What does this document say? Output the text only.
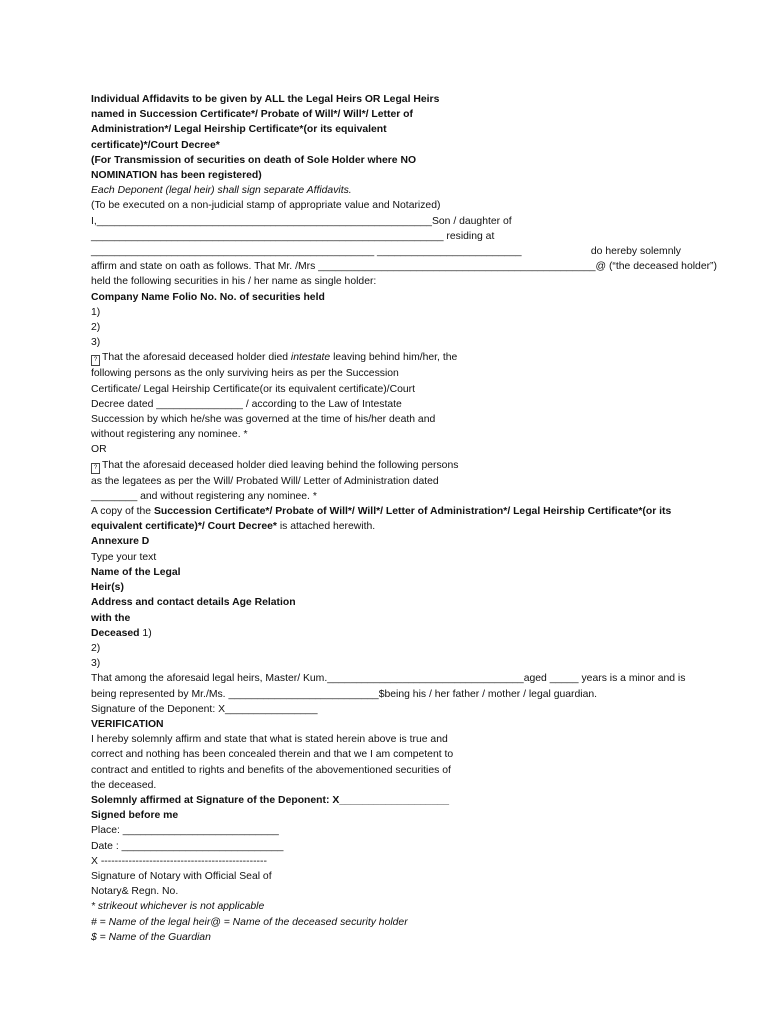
Individual Affidavits to be given by ALL the Legal Heirs OR Legal Heirs
named in Succession Certificate*/ Probate of Will*/ Will*/ Letter of
Administration*/ Legal Heirship Certificate*(or its equivalent
certificate)*/Court Decree*
(For Transmission of securities on death of Sole Holder where NO
NOMINATION has been registered)
Each Deponent (legal heir) shall sign separate Affidavits.
(To be executed on a non-judicial stamp of appropriate value and Notarized)
I,__________________________________________________________Son / daughter of
_____________________________________________________________ residing at
_________________________________________________ _________________________	do hereby solemnly
affirm and state on oath as follows. That Mr. /Mrs ________________________________________________@ (“the deceased holder”)
held the following securities in his / her name as single holder:
Company Name Folio No. No. of securities held
1)
2)
3)
? That the aforesaid deceased holder died intestate leaving behind him/her, the
following persons as the only surviving heirs as per the Succession
Certificate/ Legal Heirship Certificate(or its equivalent certificate)/Court
Decree dated _______________ / according to the Law of Intestate
Succession by which he/she was governed at the time of his/her death and
without registering any nominee. *
OR
? That the aforesaid deceased holder died leaving behind the following persons
as the legatees as per the Will/ Probated Will/ Letter of Administration dated
________ and without registering any nominee. *
A copy of the Succession Certificate*/ Probate of Will*/ Will*/ Letter of Administration*/ Legal Heirship Certificate*(or its
equivalent certificate)*/ Court Decree* is attached herewith.
Annexure D
Type your text
Name of the Legal
Heir(s)
Address and contact details Age Relation
with the
Deceased 1)
2)
3)
That among the aforesaid legal heirs, Master/ Kum.__________________________________aged _____ years is a minor and is
being represented by Mr./Ms. __________________________$being his / her father / mother / legal guardian.
Signature of the Deponent: X________________
VERIFICATION
I hereby solemnly affirm and state that what is stated herein above is true and
correct and nothing has been concealed therein and that we I am competent to
contract and entitled to rights and benefits of the abovementioned securities of
the deceased.
Solemnly affirmed at Signature of the Deponent: X___________________
Signed before me
Place: ___________________________
Date : ____________________________
X ------------------------------------------------
Signature of Notary with Official Seal of
Notary& Regn. No.
* strikeout whichever is not applicable
# = Name of the legal heir@ = Name of the deceased security holder
$ = Name of the Guardian
